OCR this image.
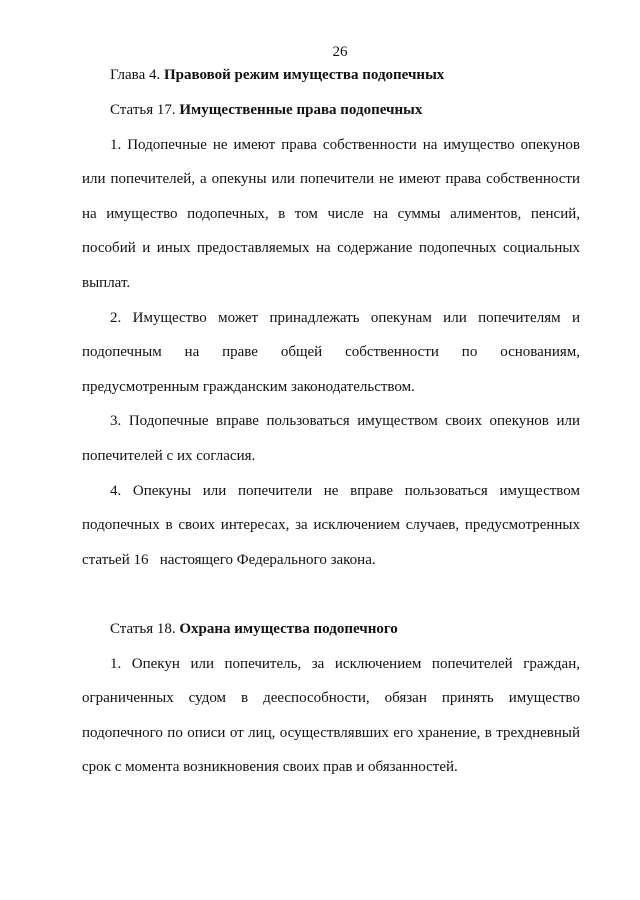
26
Глава 4. Правовой режим имущества подопечных
Статья 17. Имущественные права подопечных
1. Подопечные не имеют права собственности на имущество опекунов
или попечителей, а опекуны или попечители не имеют права собственности
на имущество подопечных, в том числе на суммы алиментов, пенсий,
пособий и иных предоставляемых на содержание подопечных социальных
выплат.
2. Имущество может принадлежать опекунам или попечителям и
подопечным на праве общей собственности по основаниям,
предусмотренным гражданским законодательством.
3. Подопечные вправе пользоваться имуществом своих опекунов или
попечителей с их согласия.
4. Опекуны или попечители не вправе пользоваться имуществом
подопечных в своих интересах, за исключением случаев, предусмотренных
статьей 16   настоящего Федерального закона.
Статья 18. Охрана имущества подопечного
1. Опекун или попечитель, за исключением попечителей граждан,
ограниченных судом в дееспособности, обязан принять имущество
подопечного по описи от лиц, осуществлявших его хранение, в трехдневный
срок с момента возникновения своих прав и обязанностей.
